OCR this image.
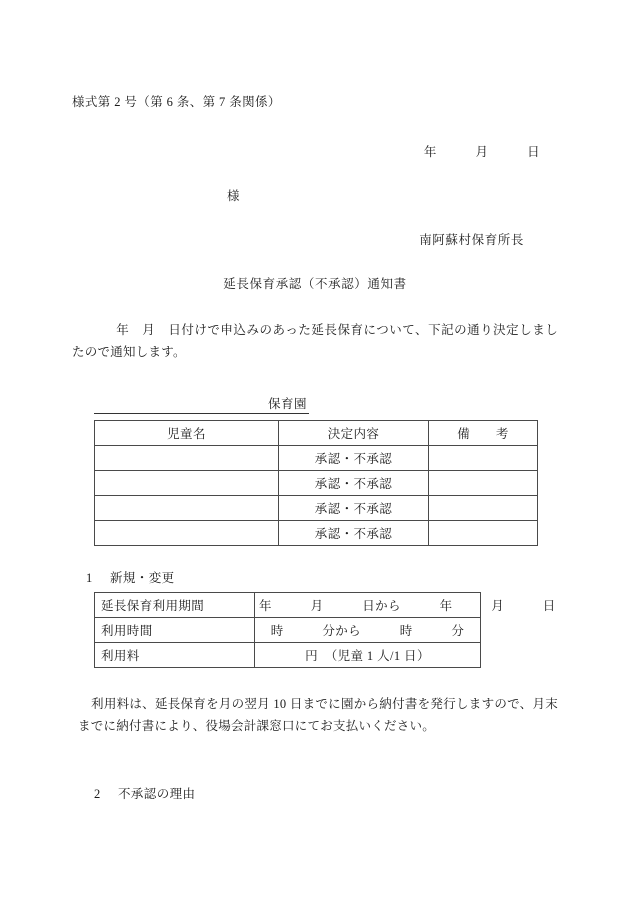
様式第 2 号（第 6 条、第 7 条関係）

年　　　月　　　日

様

南阿蘇村保育所長

延長保育承認（不承認）通知書

年　月　日付けで申込みのあった延長保育について、下記の通り決定しましたので通知します。

保育園
児童名	決定内容	備　　考
	承認・不承認	
	承認・不承認	
	承認・不承認	
	承認・不承認	

1 新規・変更

延長保育利用期間	年　　　月　　　日から　　　年　　　月　　　日
利用時間	時　　　分から　　　時　　　分
利用料	円　（児童 1 人/1 日）

利用料は、延長保育を月の翌月 10 日までに園から納付書を発行しますので、月末までに納付書により、役場会計課窓口にてお支払いください。

2 不承認の理由
